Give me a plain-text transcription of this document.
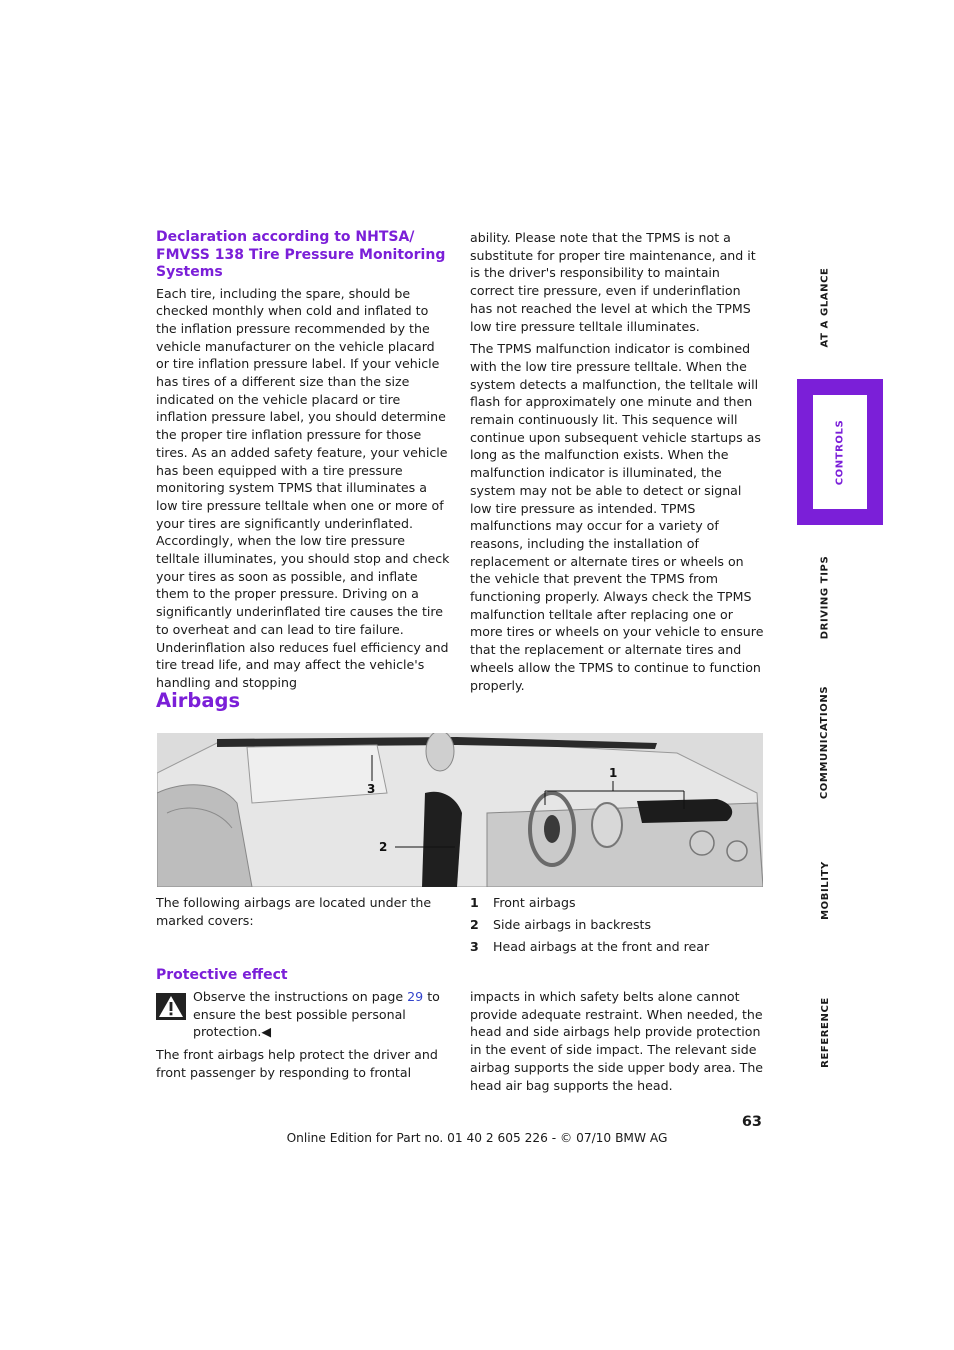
Declaration according to NHTSA/ FMVSS 138 Tire Pressure Monitoring Systems

Each tire, including the spare, should be checked monthly when cold and inflated to the inflation pressure recommended by the vehicle manufacturer on the vehicle placard or tire inflation pressure label. If your vehicle has tires of a different size than the size indicated on the vehicle placard or tire inflation pressure label, you should determine the proper tire inflation pressure for those tires. As an added safety feature, your vehicle has been equipped with a tire pressure monitoring system TPMS that illuminates a low tire pressure telltale when one or more of your tires are significantly underinflated. Accordingly, when the low tire pressure telltale illuminates, you should stop and check your tires as soon as possible, and inflate them to the proper pressure. Driving on a significantly underinflated tire causes the tire to overheat and can lead to tire failure. Underinflation also reduces fuel efficiency and tire tread life, and may affect the vehicle's handling and stopping

ability. Please note that the TPMS is not a substitute for proper tire maintenance, and it is the driver's responsibility to maintain correct tire pressure, even if underinflation has not reached the level at which the TPMS low tire pressure telltale illuminates.

The TPMS malfunction indicator is combined with the low tire pressure telltale. When the system detects a malfunction, the telltale will flash for approximately one minute and then remain continuously lit. This sequence will continue upon subsequent vehicle startups as long as the malfunction exists. When the malfunction indicator is illuminated, the system may not be able to detect or signal low tire pressure as intended. TPMS malfunctions may occur for a variety of reasons, including the installation of replacement or alternate tires or wheels on the vehicle that prevent the TPMS from functioning properly. Always check the TPMS malfunction telltale after replacing one or more tires or wheels on your vehicle to ensure that the replacement or alternate tires and wheels allow the TPMS to continue to function properly.

Airbags
1
2
3
The following airbags are located under the marked covers:
1	Front airbags
2	Side airbags in backrests
3	Head airbags at the front and rear
Protective effect
Observe the instructions on page 29 to ensure the best possible personal protection.◀
The front airbags help protect the driver and front passenger by responding to frontal
impacts in which safety belts alone cannot provide adequate restraint. When needed, the head and side airbags help provide protection in the event of side impact. The relevant side airbag supports the side upper body area. The head air bag supports the head.
63
Online Edition for Part no. 01 40 2 605 226 - © 07/10 BMW AG
AT A GLANCE
CONTROLS
DRIVING TIPS
COMMUNICATIONS
MOBILITY
REFERENCE
